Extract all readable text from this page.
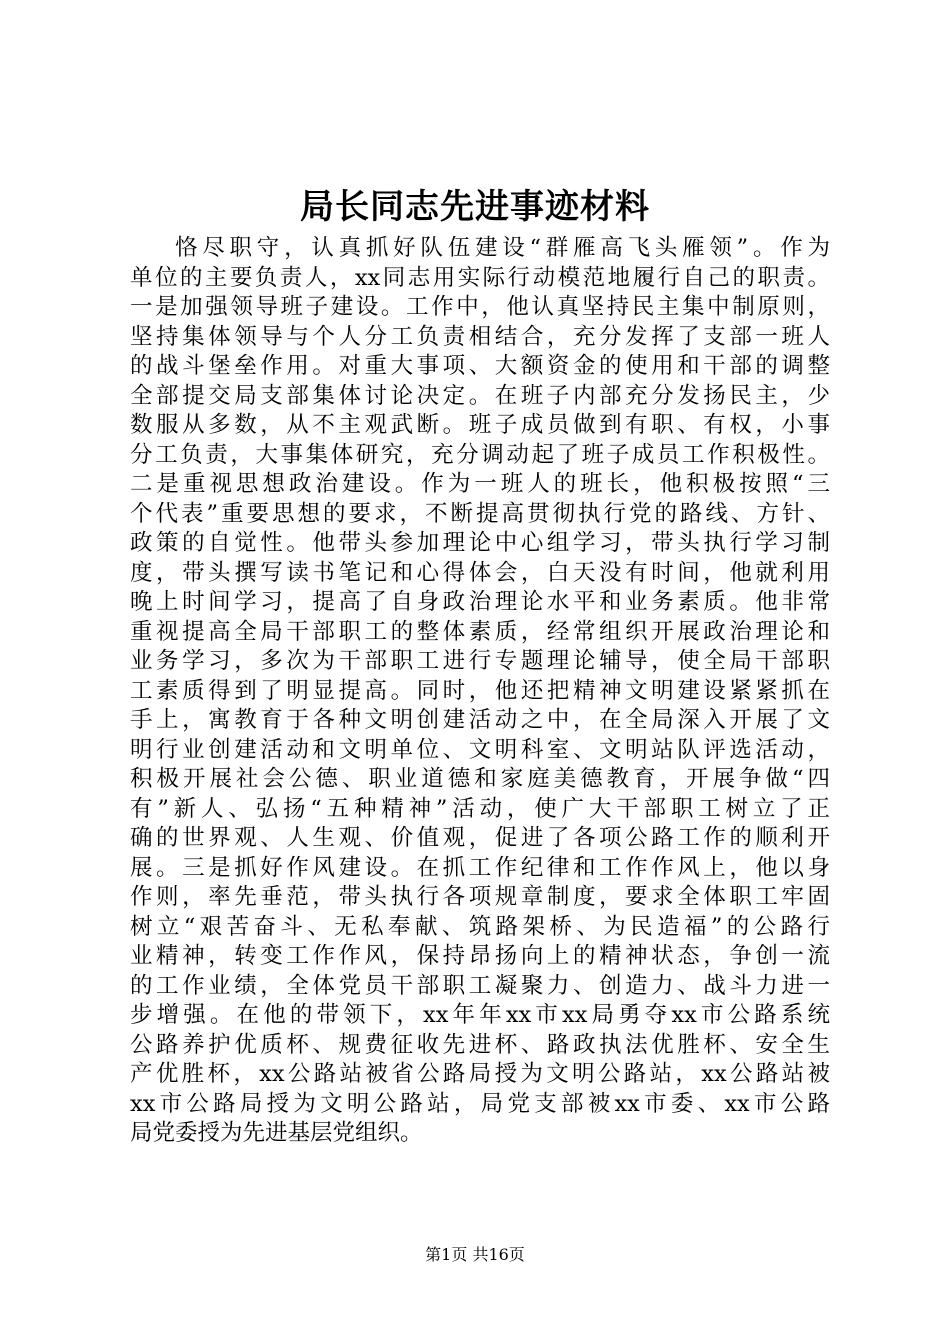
局长同志先进事迹材料
恪尽职守，认真抓好队伍建设“群雁高飞头雁领”。作为
单位的主要负责人，xx同志用实际行动模范地履行自己的职责。
一是加强领导班子建设。工作中，他认真坚持民主集中制原则，
坚持集体领导与个人分工负责相结合，充分发挥了支部一班人
的战斗堡垒作用。对重大事项、大额资金的使用和干部的调整
全部提交局支部集体讨论决定。在班子内部充分发扬民主，少
数服从多数，从不主观武断。班子成员做到有职、有权，小事
分工负责，大事集体研究，充分调动起了班子成员工作积极性。
二是重视思想政治建设。作为一班人的班长，他积极按照“三
个代表”重要思想的要求，不断提高贯彻执行党的路线、方针、
政策的自觉性。他带头参加理论中心组学习，带头执行学习制
度，带头撰写读书笔记和心得体会，白天没有时间，他就利用
晚上时间学习，提高了自身政治理论水平和业务素质。他非常
重视提高全局干部职工的整体素质，经常组织开展政治理论和
业务学习，多次为干部职工进行专题理论辅导，使全局干部职
工素质得到了明显提高。同时，他还把精神文明建设紧紧抓在
手上，寓教育于各种文明创建活动之中，在全局深入开展了文
明行业创建活动和文明单位、文明科室、文明站队评选活动，
积极开展社会公德、职业道德和家庭美德教育，开展争做“四
有”新人、弘扬“五种精神”活动，使广大干部职工树立了正
确的世界观、人生观、价值观，促进了各项公路工作的顺利开
展。三是抓好作风建设。在抓工作纪律和工作作风上，他以身
作则，率先垂范，带头执行各项规章制度，要求全体职工牢固
树立“艰苦奋斗、无私奉献、筑路架桥、为民造福”的公路行
业精神，转变工作作风，保持昂扬向上的精神状态，争创一流
的工作业绩，全体党员干部职工凝聚力、创造力、战斗力进一
步增强。在他的带领下，xx年年xx市xx局勇夺xx市公路系统
公路养护优质杯、规费征收先进杯、路政执法优胜杯、安全生
产优胜杯，xx公路站被省公路局授为文明公路站，xx公路站被
xx市公路局授为文明公路站，局党支部被xx市委、xx市公路
局党委授为先进基层党组织。
第1页 共16页
